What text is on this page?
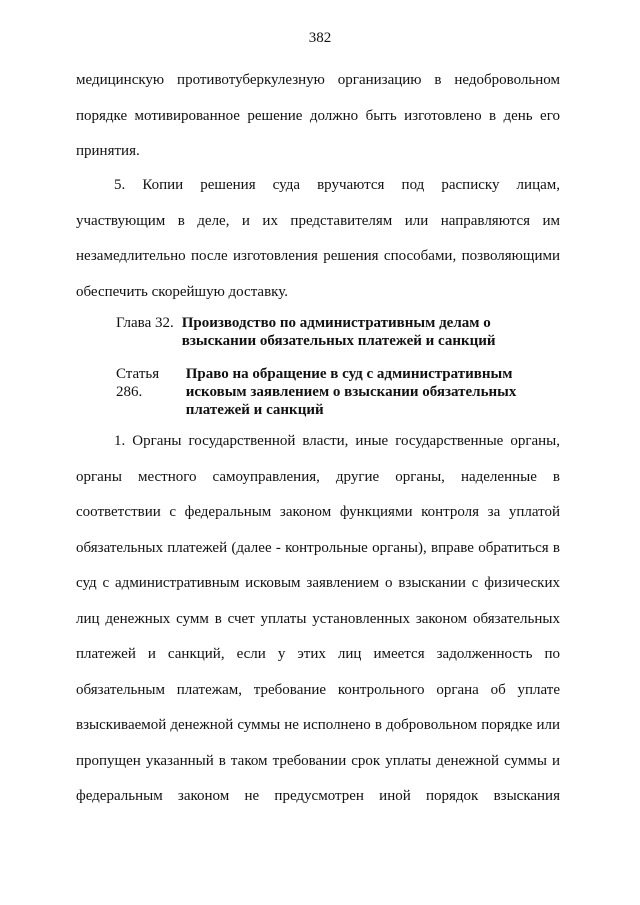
382
медицинскую противотуберкулезную организацию в недобровольном
порядке мотивированное решение должно быть изготовлено в день его
принятия.
5. Копии решения суда вручаются под расписку лицам,
участвующим в деле, и их представителям или направляются им
незамедлительно после изготовления решения способами, позволяющими
обеспечить скорейшую доставку.
Глава 32. Производство по административным делам о
взыскании обязательных платежей и санкций
Статья 286.
Право на обращение в суд с административным
исковым заявлением о взыскании обязательных
платежей и санкций
1. Органы государственной власти, иные государственные органы,
органы местного самоуправления, другие органы, наделенные в
соответствии с федеральным законом функциями контроля за уплатой
обязательных платежей (далее - контрольные органы), вправе обратиться в
суд с административным исковым заявлением о взыскании с физических
лиц денежных сумм в счет уплаты установленных законом обязательных
платежей и санкций, если у этих лиц имеется задолженность по
обязательным платежам, требование контрольного органа об уплате
взыскиваемой денежной суммы не исполнено в добровольном порядке или
пропущен указанный в таком требовании срок уплаты денежной суммы и
федеральным законом не предусмотрен иной порядок взыскания
